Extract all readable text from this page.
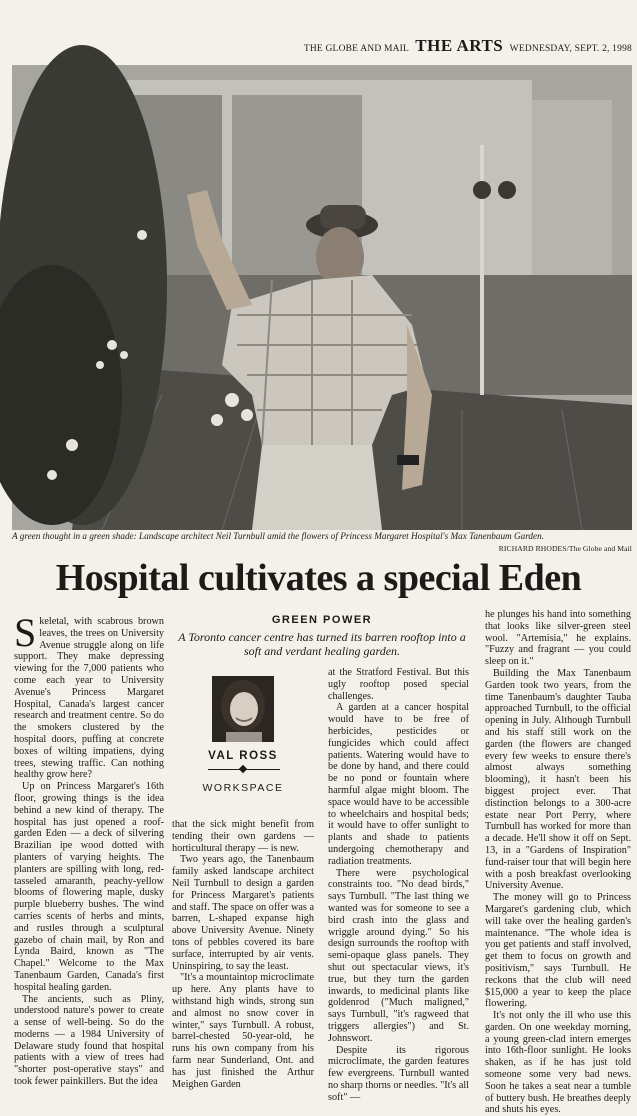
THE GLOBE AND MAIL THE ARTS WEDNESDAY, SEPT. 2, 1998
A green thought in a green shade: Landscape architect Neil Turnbull amid the flowers of Princess Margaret Hospital's Max Tanenbaum Garden.
RICHARD RHODES/The Globe and Mail
Hospital cultivates a special Eden
GREEN POWER
A Toronto cancer centre has turned its barren rooftop into a soft and verdant healing garden.
VAL ROSS
WORKSPACE

Skeletal, with scabrous brown leaves, the trees on University Avenue struggle along on life support. They make depressing viewing for the 7,000 patients who come each year to University Avenue's Princess Margaret Hospital, Canada's largest cancer research and treatment centre. So do the smokers clustered by the hospital doors, puffing at concrete boxes of wilting impatiens, dying trees, stewing traffic. Can nothing healthy grow here?

Up on Princess Margaret's 16th floor, growing things is the idea behind a new kind of therapy. The hospital has just opened a roof-garden Eden — a deck of silvering Brazilian ipe wood dotted with planters of varying heights. The planters are spilling with long, red-tasseled amaranth, peachy-yellow blooms of flowering maple, dusky purple blueberry bushes. The wind carries scents of herbs and mints, and rustles through a sculptural gazebo of chain mail, by Ron and Lynda Baird, known as "The Chapel." Welcome to the Max Tanenbaum Garden, Canada's first hospital healing garden.

The ancients, such as Pliny, understood nature's power to create a sense of well-being. So do the moderns — a 1984 University of Delaware study found that hospital patients with a view of trees had "shorter post-operative stays" and took fewer painkillers. But the idea

that the sick might benefit from tending their own gardens — horticultural therapy — is new.

Two years ago, the Tanenbaum family asked landscape architect Neil Turnbull to design a garden for Princess Margaret's patients and staff. The space on offer was a barren, L-shaped expanse high above University Avenue. Ninety tons of pebbles covered its bare surface, interrupted by air vents. Uninspiring, to say the least.

"It's a mountaintop microclimate up here. Any plants have to withstand high winds, strong sun and almost no snow cover in winter," says Turnbull. A robust, barrel-chested 50-year-old, he runs his own company from his farm near Sunderland, Ont. and has just finished the Arthur Meighen Garden

at the Stratford Festival. But this ugly rooftop posed special challenges.

A garden at a cancer hospital would have to be free of herbicides, pesticides or fungicides which could affect patients. Watering would have to be done by hand, and there could be no pond or fountain where harmful algae might bloom. The space would have to be accessible to wheelchairs and hospital beds; it would have to offer sunlight to plants and shade to patients undergoing chemotherapy and radiation treatments.

There were psychological constraints too. "No dead birds," says Turnbull. "The last thing we wanted was for someone to see a bird crash into the glass and wriggle around dying." So his design surrounds the rooftop with semi-opaque glass panels. They shut out spectacular views, it's true, but they turn the garden inwards, to medicinal plants like goldenrod ("Much maligned," says Turnbull, "it's ragweed that triggers allergies") and St. Johnswort.

Despite its rigorous microclimate, the garden features few evergreens. Turnbull wanted no sharp thorns or needles. "It's all soft" —

he plunges his hand into something that looks like silver-green steel wool. "Artemisia," he explains. "Fuzzy and fragrant — you could sleep on it."

Building the Max Tanenbaum Garden took two years, from the time Tanenbaum's daughter Tauba approached Turnbull, to the official opening in July. Although Turnbull and his staff still work on the garden (the flowers are changed every few weeks to ensure there's almost always something blooming), it hasn't been his biggest project ever. That distinction belongs to a 300-acre estate near Port Perry, where Turnbull has worked for more than a decade. He'll show it off on Sept. 13, in a "Gardens of Inspiration" fund-raiser tour that will begin here with a posh breakfast overlooking University Avenue.

The money will go to Princess Margaret's gardening club, which will take over the healing garden's maintenance. "The whole idea is you get patients and staff involved, get them to focus on growth and positivism," says Turnbull. He reckons that the club will need $15,000 a year to keep the place flowering.

It's not only the ill who use this garden. On one weekday morning, a young green-clad intern emerges into 16th-floor sunlight. He looks shaken, as if he has just told someone some very bad news. Soon he takes a seat near a tumble of buttery bush. He breathes deeply and shuts his eyes.
